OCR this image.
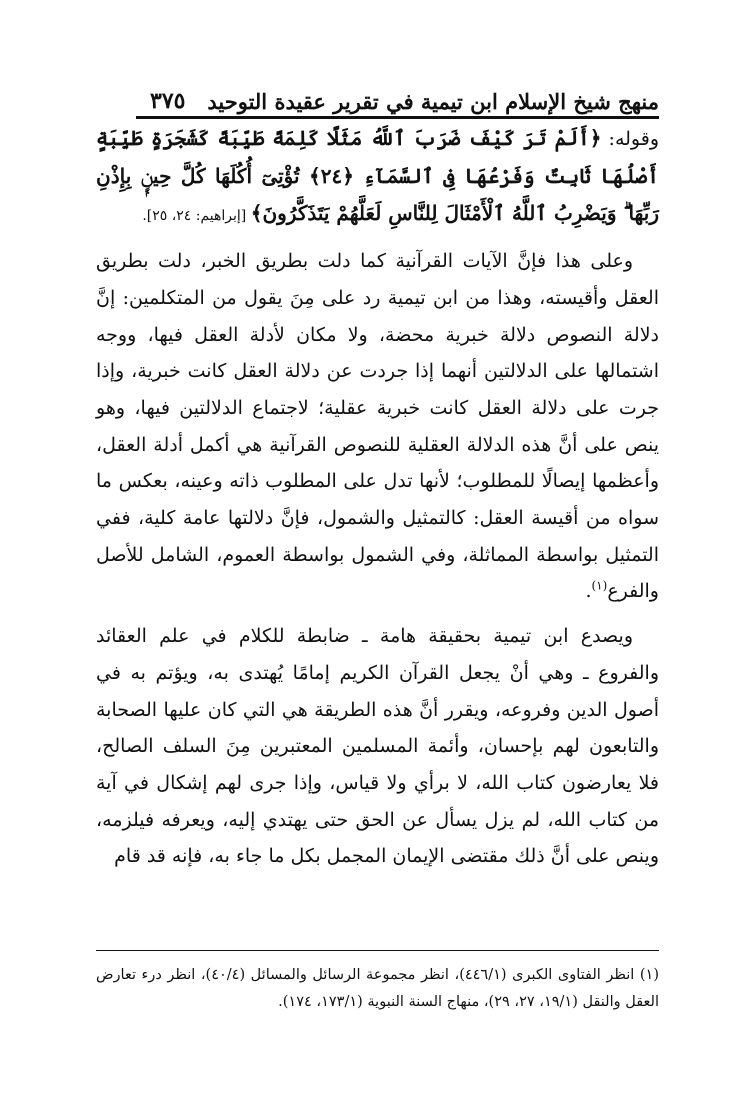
منهج شيخ الإسلام ابن تيمية في تقرير عقيدة التوحيد
٣٧٥

وقوله: ﴿أَلَمْ تَرَ كَيْفَ ضَرَبَ ٱللَّهُ مَثَلًا كَلِمَةً طَيِّبَةً كَشَجَرَةٍ طَيِّبَةٍ أَصْلُهَا ثَابِتٌ وَفَرْعُهَا فِى ٱلسَّمَآءِ ﴿٢٤﴾ تُؤْتِىٓ أُكُلَهَا كُلَّ حِينٍۭ بِإِذْنِ رَبِّهَا ۗ وَيَضْرِبُ ٱللَّهُ ٱلْأَمْثَالَ لِلنَّاسِ لَعَلَّهُمْ يَتَذَكَّرُونَ﴾ [إبراهيم: ٢٤، ٢٥].

وعلى هذا فإنَّ الآيات القرآنية كما دلت بطريق الخبر، دلت بطريق العقل وأقيسته، وهذا من ابن تيمية رد على مِنَ يقول من المتكلمين: إنَّ دلالة النصوص دلالة خبرية محضة، ولا مكان لأدلة العقل فيها، ووجه اشتمالها على الدلالتين أنهما إذا جردت عن دلالة العقل كانت خبرية، وإذا جرت على دلالة العقل كانت خبرية عقلية؛ لاجتماع الدلالتين فيها، وهو ينص على أنَّ هذه الدلالة العقلية للنصوص القرآنية هي أكمل أدلة العقل، وأعظمها إيصالًا للمطلوب؛ لأنها تدل على المطلوب ذاته وعينه، بعكس ما سواه من أقيسة العقل: كالتمثيل والشمول، فإنَّ دلالتها عامة كلية، ففي التمثيل بواسطة المماثلة، وفي الشمول بواسطة العموم، الشامل للأصل والفرع$^{(١)}$.

ويصدع ابن تيمية بحقيقة هامة ـ ضابطة للكلام في علم العقائد والفروع ـ وهي أنْ يجعل القرآن الكريم إمامًا يُهتدى به، ويؤتم به في أصول الدين وفروعه، ويقرر أنَّ هذه الطريقة هي التي كان عليها الصحابة والتابعون لهم بإحسان، وأئمة المسلمين المعتبرين مِنَ السلف الصالح، فلا يعارضون كتاب الله، لا برأي ولا قياس، وإذا جرى لهم إشكال في آية من كتاب الله، لم يزل يسأل عن الحق حتى يهتدي إليه، ويعرفه فيلزمه، وينص على أنَّ ذلك مقتضى الإيمان المجمل بكل ما جاء به، فإنه قد قام

(١) انظر الفتاوى الكبرى (٤٤٦/١)، انظر مجموعة الرسائل والمسائل (٤٠/٤)، انظر درء تعارض العقل والنقل (١٩/١، ٢٧، ٢٩)، منهاج السنة النبوية (١٧٣/١، ١٧٤).
